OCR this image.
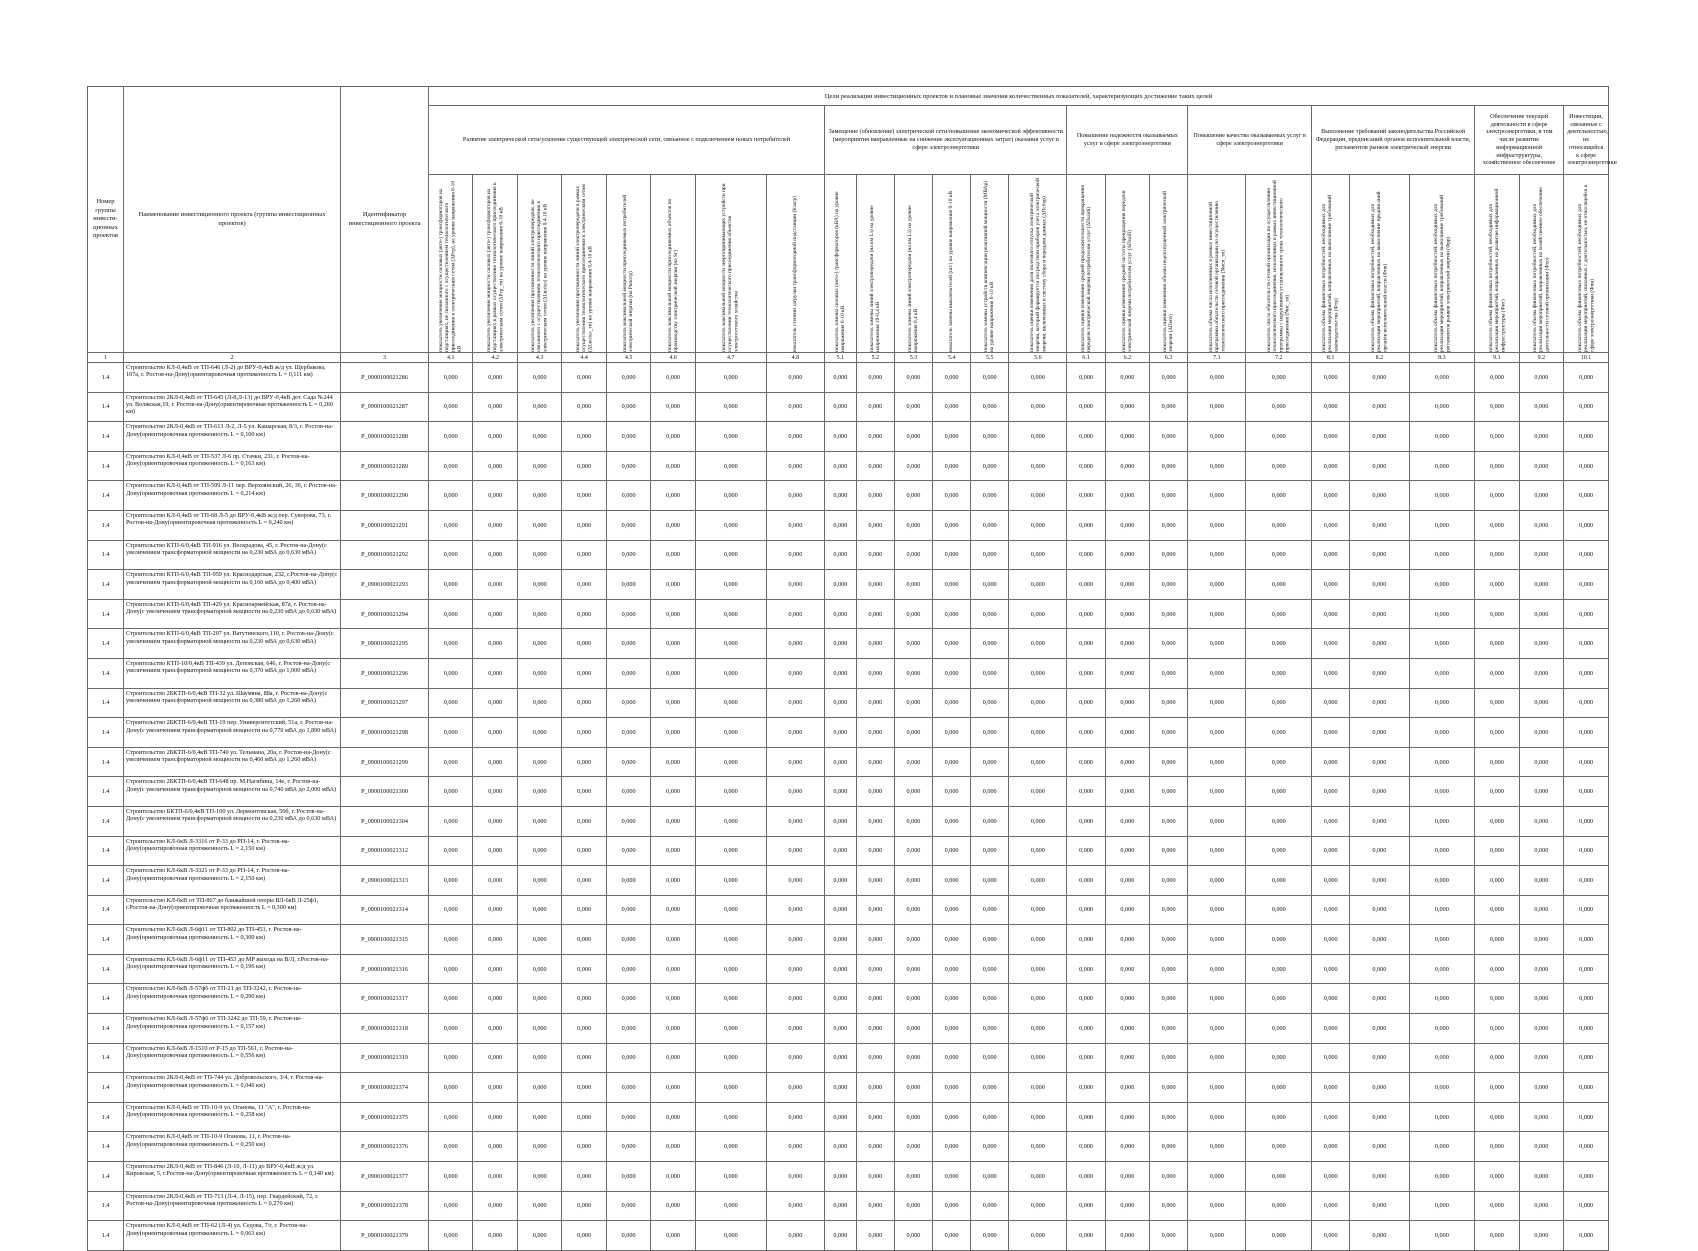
Номер группы инвести-ционных проектов	Наименование инвестиционного проекта (группы инвестиционных проектов)	Идентификатор инвестиционного проекта	Цели реализации инвестиционных проектов и плановые значения количественных показателей, характеризующих достижение таких целей																								
			Развитие электрической сети/усиление существующей электрической сети, связанное с подключением новых потребителей								Замещение (обновление) электрической сети/повышение экономической эффективности (мероприятия направленные на снижение эксплуатационных затрат) оказания услуг в сфере электроэнергетики						Повышение надежности оказываемых услуг в сфере электроэнергетики			Повышение качества оказываемых услуг в сфере электроэнергетики		Выполнение требований законодательства Российской Федерации, предписаний органов исполнительной власти, регламентов рынков электрической энергии			Обеспечение текущей деятельности в сфере электроэнергетики, в том числе развитие информационной инфраструктуры, хозяйственное обеспечение		Инвестиции, связанные с деятельностью, не относящейся к сфере электроэнергетики

			показатель увеличения мощности силовых (авто-) трансформаторов на подстанциях, не связанного с осуществлением технологического присоединения к электрическим сетям (ΔPтр), на уровне напряжения 6-10 кВ	показатель увеличения мощности силовых (авто-) трансформаторов на подстанциях в рамках осуществления технологического присоединения к электрическим сетям (ΔPтр_тп) на уровне напряжения 6-10 кВ	показатель увеличения протяженности линий электропередачи, не связанного с осуществлением технологического присоединения к электрическим сетям (ΔLвл/кл) на уровне напряжения 0,4-10 кВ	показатель увеличения протяженности линий электропередачи в рамках осуществления технологического присоединения к электрическим сетям (ΔLвл/кл_тп) на уровне напряжения 0,4-10 кВ	показатель максимальной мощности присоединяемых потребителей электрической энергии (на Ркпотр)	показатель максимальной мощности присоединяемых объектов по производству электрической энергии (на Sг)	показатель максимальной мощности энергопринимающих устройств при осуществлении технологического присоединения объектов электросетевого хозяйства	показатель степени загрузки трансформаторной подстанции (Кзагр)	показатель замены силовых (авто-) трансформаторов (кВА) на уровне напряжения 6-10 кВ	показатель замены линий электропередачи (на км Lз) на уровне напряжения 10-0,4 кВ	показатель замены линий электропередачи (на км Lз) на уровне напряжения 0,4 кВ	показатель замены выключателей (шт.) на уровне напряжения 6-10 кВ	показатель замены устройств компенсации реактивной мощности (МВАр) на уровне напряжения 6-10 кВ	показатель оценки изменения доли полезного отпуска электрической энергии, который формируется посредством приборов учета электрической энергии, включенных в систему сбора и передачи данных (ΔПсбор)	показатель оценки изменения средней продолжительности прекращения передачи электрической энергии потребителям услуг (ΔПsaidi)	показатель оценки изменения средней частоты прекращения передачи электрической энергии потребителям услуг (ΔПsaifi)	показатель оценки изменения объема недоотпущенной электрической энергии (ΔПens)	показатель объема числа исполненных в рамках инвестиционной программы обязательств сетевой организации по осуществлению технологического присоединения (Nисп_тп)	показатель числа обязательств сетевой организации по осуществлению технологического присоединения, исполненных в рамках инвестиционной программы с нарушением установленного срока технологического присоединения (Nнс_тп)	показатель объема финансовых потребностей, необходимых для реализации мероприятий, направленных на выполнение требований законодательства (Фтр)	показатель объема финансовых потребностей, необходимых для реализации мероприятий, направленных на выполнение предписаний органов исполнительной власти (Фпв)	показатель объема финансовых потребностей, необходимых для реализации мероприятий, направленных на выполнение требований регламентов рынков электрической энергии (Фрр)	показатель объема финансовых потребностей, необходимых для реализации мероприятий, направленных на развитие информационной инфраструктуры (Фит)	показатель объема финансовых потребностей, необходимых для реализации мероприятий, направленных на хозяйственное обеспечение деятельности сетевой организации (Фхо)	показатель объема финансовых потребностей, необходимых для реализации мероприятий, связанных с деятельностью, не относящейся к сфере электроэнергетики (Фпн)

1	2	3	4.1	4.2	4.3	4.4	4.5	4.6	4.7	4.8	5.1	5.2	5.3	5.4	5.5	5.6	6.1	6.2	6.3	7.1	7.2	8.1	8.2	8.3	9.1	9.2	10.1
1.4	Строительство КЛ-0,4кВ от ТП-646 (Л-2) до ВРУ-0,4кВ ж/д ул. Щербакова, 107а, г. Ростов-на-Дону(ориентировочная протяженность L = 0,111 км)	P_0900100021286	0,000	0,000	0,000	0,000	0,000	0,000	0,000	0,000	0,000	0,000	0,000	0,000	0,000	0,000	0,000	0,000	0,000	0,000	0,000	0,000	0,000	0,000	0,000	0,000	0,000
1.4	Строительство 2КЛ-0,4кВ от ТП-645 (Л-8,Л-13) до ВРУ-0,4кВ дет. Сада №244 ул. Волжская,19, г. Ростов-на-Дону(ориентировочная протяженность L = 0,260 км)	P_0900100021287	0,000	0,000	0,000	0,000	0,000	0,000	0,000	0,000	0,000	0,000	0,000	0,000	0,000	0,000	0,000	0,000	0,000	0,000	0,000	0,000	0,000	0,000	0,000	0,000	0,000
1.4	Строительство 2КЛ-0,4кВ от ТП-613 Л-2, Л-5 ул. Кашарская, 8/3, г. Ростов-на-Дону(ориентировочная протяженность L = 0,100 км)	P_0900100021288	0,000	0,000	0,000	0,000	0,000	0,000	0,000	0,000	0,000	0,000	0,000	0,000	0,000	0,000	0,000	0,000	0,000	0,000	0,000	0,000	0,000	0,000	0,000	0,000	0,000
1.4	Строительство КЛ-0,4кВ от ТП-537 Л-6 пр. Стачки, 231, г. Ростов-на-Дону(ориентировочная протяженность L = 0,163 км)	P_0900100021289	0,000	0,000	0,000	0,000	0,000	0,000	0,000	0,000	0,000	0,000	0,000	0,000	0,000	0,000	0,000	0,000	0,000	0,000	0,000	0,000	0,000	0,000	0,000	0,000	0,000
1.4	Строительство КЛ-0,4кВ от ТП-599 Л-11 пер. Верхоянский, 26, 30, г. Ростов-на-Дону(ориентировочная протяженность L = 0,214 км)	P_0900100021290	0,000	0,000	0,000	0,000	0,000	0,000	0,000	0,000	0,000	0,000	0,000	0,000	0,000	0,000	0,000	0,000	0,000	0,000	0,000	0,000	0,000	0,000	0,000	0,000	0,000
1.4	Строительство КЛ-0,4кВ от ТП-68 Л-5 до ВРУ-0,4кВ ж/д пер. Суворова, 73, г. Ростов-на-Дону(ориентировочная протяженность L = 0,240 км)	P_0900100021291	0,000	0,000	0,000	0,000	0,000	0,000	0,000	0,000	0,000	0,000	0,000	0,000	0,000	0,000	0,000	0,000	0,000	0,000	0,000	0,000	0,000	0,000	0,000	0,000	0,000
1.4	Строительство КТП-6/0,4кВ ТП-916 ул. Вескрадова, 45, г. Ростов-на-Дону(с увеличением трансформаторной мощности на 0,230 мВА до 0,630 мВА)	P_0900100021292	0,000	0,000	0,000	0,000	0,000	0,000	0,000	0,000	0,000	0,000	0,000	0,000	0,000	0,000	0,000	0,000	0,000	0,000	0,000	0,000	0,000	0,000	0,000	0,000	0,000
1.4	Строительство КТП-6/0,4кВ ТП-959 ул. Краснодарская, 232, г.Ростов-на-Дону(с увеличением трансформаторной мощности на 0,160 мВА до 0,400 мВА)	P_0900100021293	0,000	0,000	0,000	0,000	0,000	0,000	0,000	0,000	0,000	0,000	0,000	0,000	0,000	0,000	0,000	0,000	0,000	0,000	0,000	0,000	0,000	0,000	0,000	0,000	0,000
1.4	Строительство КТП-6/0,4кВ ТП-429 ул. Красноармейская, 87а, г. Ростов-на-Дону(с увеличением трансформаторной мощности на 0,230 мВА до 0,630 мВА)	P_0900100021294	0,000	0,000	0,000	0,000	0,000	0,000	0,000	0,000	0,000	0,000	0,000	0,000	0,000	0,000	0,000	0,000	0,000	0,000	0,000	0,000	0,000	0,000	0,000	0,000	0,000
1.4	Строительство КТП-6/0,4кВ ТП-207 ул. Ватутинского,110, г. Ростов-на-Дону(с увеличением трансформаторной мощности на 0,230 мВА до 0,630 мВА)	P_0900100021295	0,000	0,000	0,000	0,000	0,000	0,000	0,000	0,000	0,000	0,000	0,000	0,000	0,000	0,000	0,000	0,000	0,000	0,000	0,000	0,000	0,000	0,000	0,000	0,000	0,000
1.4	Строительство КТП-10/0,4кВ ТП-439 ул. Деповская, 646, г. Ростов-на-Дону(с увеличением трансформаторной мощности на 0,370 мВА до 1,000 мВА)	P_0900100021296	0,000	0,000	0,000	0,000	0,000	0,000	0,000	0,000	0,000	0,000	0,000	0,000	0,000	0,000	0,000	0,000	0,000	0,000	0,000	0,000	0,000	0,000	0,000	0,000	0,000
1.4	Строительство 2БКТП-6/0,4кВ ТП-32 ул. Шаумяна, 88а, г. Ростов-на-Дону(с увеличением трансформаторной мощности на 0,380 мВА до 1,260 мВА)	P_0900100021297	0,000	0,000	0,000	0,000	0,000	0,000	0,000	0,000	0,000	0,000	0,000	0,000	0,000	0,000	0,000	0,000	0,000	0,000	0,000	0,000	0,000	0,000	0,000	0,000	0,000
1.4	Строительство 2БКТП-6/0,4кВ ТП-19 пер. Университетский, 51а, г. Ростов-на-Дону(с увеличением трансформаторной мощности на 0,770 мВА до 1,890 мВА)	P_0900100021298	0,000	0,000	0,000	0,000	0,000	0,000	0,000	0,000	0,000	0,000	0,000	0,000	0,000	0,000	0,000	0,000	0,000	0,000	0,000	0,000	0,000	0,000	0,000	0,000	0,000
1.4	Строительство 2БКТП-6/0,4кВ ТП-740 ул. Тельмана, 20а, г. Ростов-на-Дону(с увеличением трансформаторной мощности на 0,460 мВА до 1,260 мВА)	P_0900100021299	0,000	0,000	0,000	0,000	0,000	0,000	0,000	0,000	0,000	0,000	0,000	0,000	0,000	0,000	0,000	0,000	0,000	0,000	0,000	0,000	0,000	0,000	0,000	0,000	0,000
1.4	Строительство 2БКТП-6/0,4кВ ТП-648 пр. М.Нагибина, 14е, г. Ростов-на-Дону(с увеличением трансформаторной мощности на 0,740 мВА до 2,000 мВА)	P_0900100021300	0,000	0,000	0,000	0,000	0,000	0,000	0,000	0,000	0,000	0,000	0,000	0,000	0,000	0,000	0,000	0,000	0,000	0,000	0,000	0,000	0,000	0,000	0,000	0,000	0,000
1.4	Строительство БКТП-6/0,4кВ ТП-100 ул. Лермонтовская, 56б, г. Ростов-на-Дону(с увеличением трансформаторной мощности на 0,230 мВА до 0,630 мВА)	P_0900100021304	0,000	0,000	0,000	0,000	0,000	0,000	0,000	0,000	0,000	0,000	0,000	0,000	0,000	0,000	0,000	0,000	0,000	0,000	0,000	0,000	0,000	0,000	0,000	0,000	0,000
1.4	Строительство КЛ-6кВ Л-3316 от Р-33 до РП-14, г. Ростов-на-Дону(ориентировочная протяженность L = 2,150 км)	P_0900100021312	0,000	0,000	0,000	0,000	0,000	0,000	0,000	0,000	0,000	0,000	0,000	0,000	0,000	0,000	0,000	0,000	0,000	0,000	0,000	0,000	0,000	0,000	0,000	0,000	0,000
1.4	Строительство КЛ-6кВ Л-3321 от Р-33 до РП-14, г. Ростов-на-Дону(ориентировочная протяженность L = 2,150 км)	P_0900100021313	0,000	0,000	0,000	0,000	0,000	0,000	0,000	0,000	0,000	0,000	0,000	0,000	0,000	0,000	0,000	0,000	0,000	0,000	0,000	0,000	0,000	0,000	0,000	0,000	0,000
1.4	Строительство КЛ-6кВ от ТП-867 до ближайшей опоры ВЛ-6кВ Л-25ф1, г.Ростов-на-Дону(ориентировочная протяженность L = 0,300 км)	P_0900100021314	0,000	0,000	0,000	0,000	0,000	0,000	0,000	0,000	0,000	0,000	0,000	0,000	0,000	0,000	0,000	0,000	0,000	0,000	0,000	0,000	0,000	0,000	0,000	0,000	0,000
1.4	Строительство КЛ-6кВ Л-6ф11 от ТП-802 до ТП-453, г. Ростов-на-Дону(ориентировочная протяженность L = 0,300 км)	P_0900100021315	0,000	0,000	0,000	0,000	0,000	0,000	0,000	0,000	0,000	0,000	0,000	0,000	0,000	0,000	0,000	0,000	0,000	0,000	0,000	0,000	0,000	0,000	0,000	0,000	0,000
1.4	Строительство КЛ-6кВ Л-6ф11 от ТП-453 до МР выхода на В/Л, г.Ростов-на-Дону(ориентировочная протяженность L = 0,196 км)	P_0900100021316	0,000	0,000	0,000	0,000	0,000	0,000	0,000	0,000	0,000	0,000	0,000	0,000	0,000	0,000	0,000	0,000	0,000	0,000	0,000	0,000	0,000	0,000	0,000	0,000	0,000
1.4	Строительство КЛ-6кВ Л-57ф6 от ТП-21 до ТП-3242, г. Ростов-на-Дону(ориентировочная протяженность L = 0,290 км)	P_0900100021317	0,000	0,000	0,000	0,000	0,000	0,000	0,000	0,000	0,000	0,000	0,000	0,000	0,000	0,000	0,000	0,000	0,000	0,000	0,000	0,000	0,000	0,000	0,000	0,000	0,000
1.4	Строительство КЛ-6кВ Л-57ф6 от ТП-3242 до ТП-59, г. Ростов-на-Дону(ориентировочная протяженность L = 0,157 км)	P_0900100021318	0,000	0,000	0,000	0,000	0,000	0,000	0,000	0,000	0,000	0,000	0,000	0,000	0,000	0,000	0,000	0,000	0,000	0,000	0,000	0,000	0,000	0,000	0,000	0,000	0,000
1.4	Строительство КЛ-6кВ Л-1510 от Р-15 до ТП-561, г. Ростов-на-Дону(ориентировочная протяженность L = 0,556 км)	P_0900100021319	0,000	0,000	0,000	0,000	0,000	0,000	0,000	0,000	0,000	0,000	0,000	0,000	0,000	0,000	0,000	0,000	0,000	0,000	0,000	0,000	0,000	0,000	0,000	0,000	0,000
1.4	Строительство 2КЛ-0,4кВ от ТП-744 ул. Добровольского, 3/4, г. Ростов-на-Дону(ориентировочная протяженность L = 0,046 км)	P_0900100021374	0,000	0,000	0,000	0,000	0,000	0,000	0,000	0,000	0,000	0,000	0,000	0,000	0,000	0,000	0,000	0,000	0,000	0,000	0,000	0,000	0,000	0,000	0,000	0,000	0,000
1.4	Строительство КЛ-0,4кВ от ТП-10-9 ул. Оганова, 11 "А", г. Ростов-на-Дону(ориентировочная протяженность L = 0,258 км)	P_0900100021375	0,000	0,000	0,000	0,000	0,000	0,000	0,000	0,000	0,000	0,000	0,000	0,000	0,000	0,000	0,000	0,000	0,000	0,000	0,000	0,000	0,000	0,000	0,000	0,000	0,000
1.4	Строительство КЛ-0,4кВ от ТП-10-9 Оганова, 11, г. Ростов-на-Дону(ориентировочная протяженность L = 0,250 км)	P_0900100021376	0,000	0,000	0,000	0,000	0,000	0,000	0,000	0,000	0,000	0,000	0,000	0,000	0,000	0,000	0,000	0,000	0,000	0,000	0,000	0,000	0,000	0,000	0,000	0,000	0,000
1.4	Строительство 2КЛ-0,4кВ от ТП-846 (Л-10, Л-11) до ВРУ-0,4кВ ж/д ул. Кировская, 5, г.Ростов-на-Дону(ориентировочная протяженность L = 0,140 км)	P_0900100021377	0,000	0,000	0,000	0,000	0,000	0,000	0,000	0,000	0,000	0,000	0,000	0,000	0,000	0,000	0,000	0,000	0,000	0,000	0,000	0,000	0,000	0,000	0,000	0,000	0,000
1.4	Строительство 2КЛ-0,4кВ от ТП-713 (Л-4, Л-15), пер. Гвардейский, 72, г. Ростов-на-Дону(ориентировочная протяженность L = 0,270 км)	P_0900100021378	0,000	0,000	0,000	0,000	0,000	0,000	0,000	0,000	0,000	0,000	0,000	0,000	0,000	0,000	0,000	0,000	0,000	0,000	0,000	0,000	0,000	0,000	0,000	0,000	0,000
1.4	Строительство КЛ-0,4кВ от ТП-62 (Л-4) ул. Седова, 7/г, г. Ростов-на-Дону(ориентировочная протяженность L = 0,063 км)	P_0900100021379	0,000	0,000	0,000	0,000	0,000	0,000	0,000	0,000	0,000	0,000	0,000	0,000	0,000	0,000	0,000	0,000	0,000	0,000	0,000	0,000	0,000	0,000	0,000	0,000	0,000
